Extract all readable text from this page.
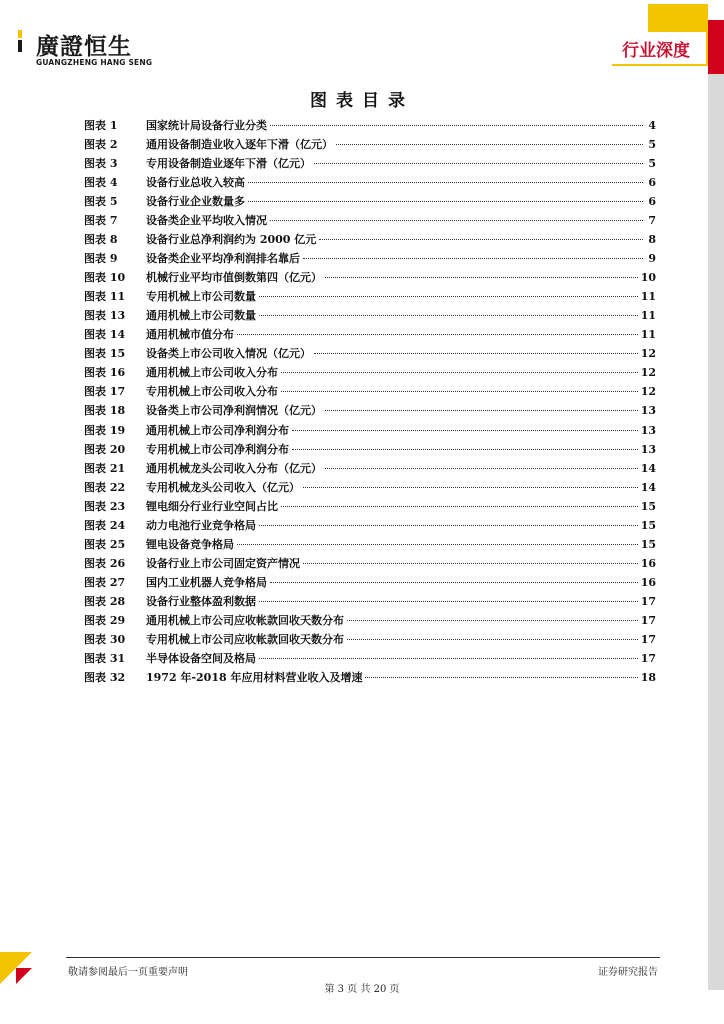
廣證恒生
GUANGZHENG HANG SENG
行业深度
图表目录
图表 1	国家统计局设备行业分类	4
图表 2	通用设备制造业收入逐年下滑（亿元）	5
图表 3	专用设备制造业逐年下滑（亿元）	5
图表 4	设备行业总收入较高	6
图表 5	设备行业企业数量多	6
图表 7	设备类企业平均收入情况	7
图表 8	设备行业总净利润约为 2000 亿元	8
图表 9	设备类企业平均净利润排名靠后	9
图表 10	机械行业平均市值倒数第四（亿元）	10
图表 11	专用机械上市公司数量	11
图表 13	通用机械上市公司数量	11
图表 14	通用机械市值分布	11
图表 15	设备类上市公司收入情况（亿元）	12
图表 16	通用机械上市公司收入分布	12
图表 17	专用机械上市公司收入分布	12
图表 18	设备类上市公司净利润情况（亿元）	13
图表 19	通用机械上市公司净利润分布	13
图表 20	专用机械上市公司净利润分布	13
图表 21	通用机械龙头公司收入分布（亿元）	14
图表 22	专用机械龙头公司收入（亿元）	14
图表 23	锂电细分行业行业空间占比	15
图表 24	动力电池行业竞争格局	15
图表 25	锂电设备竞争格局	15
图表 26	设备行业上市公司固定资产情况	16
图表 27	国内工业机器人竞争格局	16
图表 28	设备行业整体盈利数据	17
图表 29	通用机械上市公司应收帐款回收天数分布	17
图表 30	专用机械上市公司应收帐款回收天数分布	17
图表 31	半导体设备空间及格局	17
图表 32	1972 年-2018 年应用材料营业收入及增速	18
敬请参阅最后一页重要声明	证券研究报告
第 3 页 共 20 页
